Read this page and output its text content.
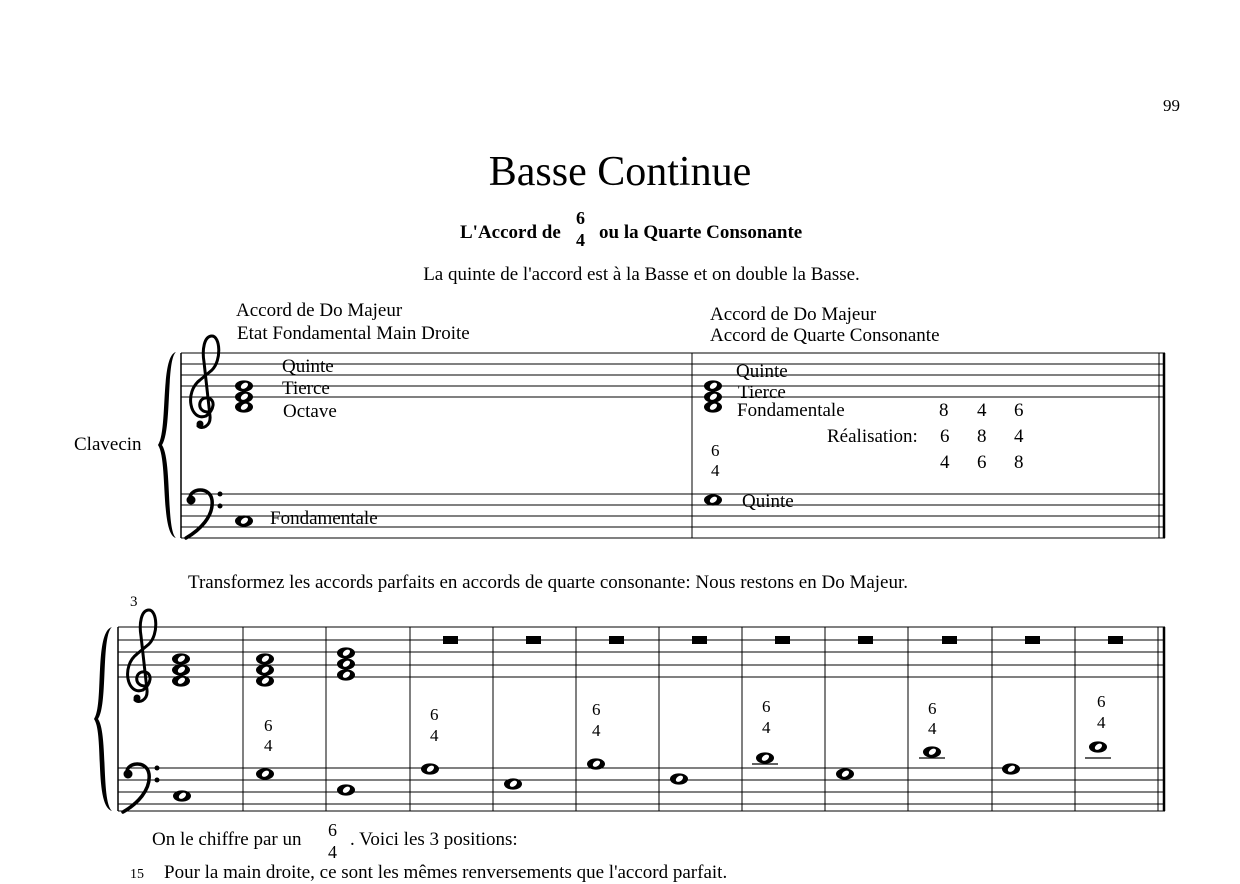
99
Basse Continue
L'Accord de
6
4 ou la Quarte Consonante
La quinte de l'accord est à la Basse et on double la Basse.
Accord de Do Majeur
Etat Fondamental Main Droite
Accord de Do Majeur
Accord de Quarte Consonante
Clavecin
Quinte
Tierce
Octave
Fondamentale
Quinte
Tierce
Fondamentale
Quinte
6
4
Réalisation:
8 4 6
6 8 4
4 6 8
Transformez les accords parfaits en accords de quarte consonante: Nous restons en Do Majeur.
3
6
4
6
4
6
4
6
4
6
4
6
4
On le chiffre par un 6
4
. Voici les 3 positions:
15 Pour la main droite, ce sont les mêmes renversements que l'accord parfait.
